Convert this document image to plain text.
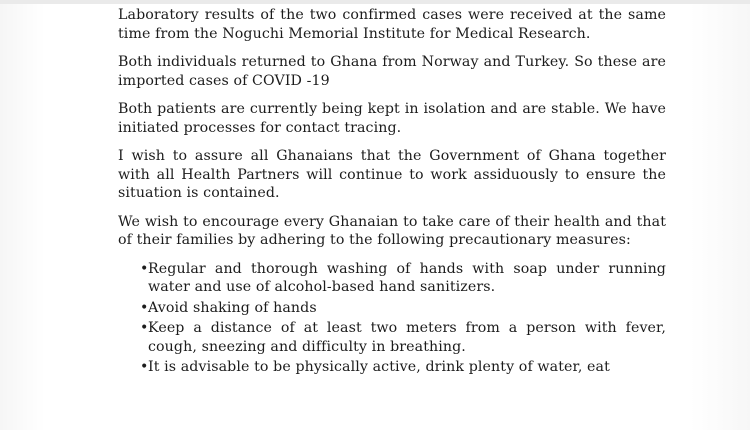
Laboratory results of the two confirmed cases were received at the same time from the Noguchi Memorial Institute for Medical Research.

Both individuals returned to Ghana from Norway and Turkey. So these are imported cases of COVID -19

Both patients are currently being kept in isolation and are stable. We have initiated processes for contact tracing.

I wish to assure all Ghanaians that the Government of Ghana together with all Health Partners will continue to work assiduously to ensure the situation is contained.

We wish to encourage every Ghanaian to take care of their health and that of their families by adhering to the following precautionary measures:

• Regular and thorough washing of hands with soap under running water and use of alcohol-based hand sanitizers.
• Avoid shaking of hands
• Keep a distance of at least two meters from a person with fever, cough, sneezing and difficulty in breathing.
• It is advisable to be physically active, drink plenty of water, eat
